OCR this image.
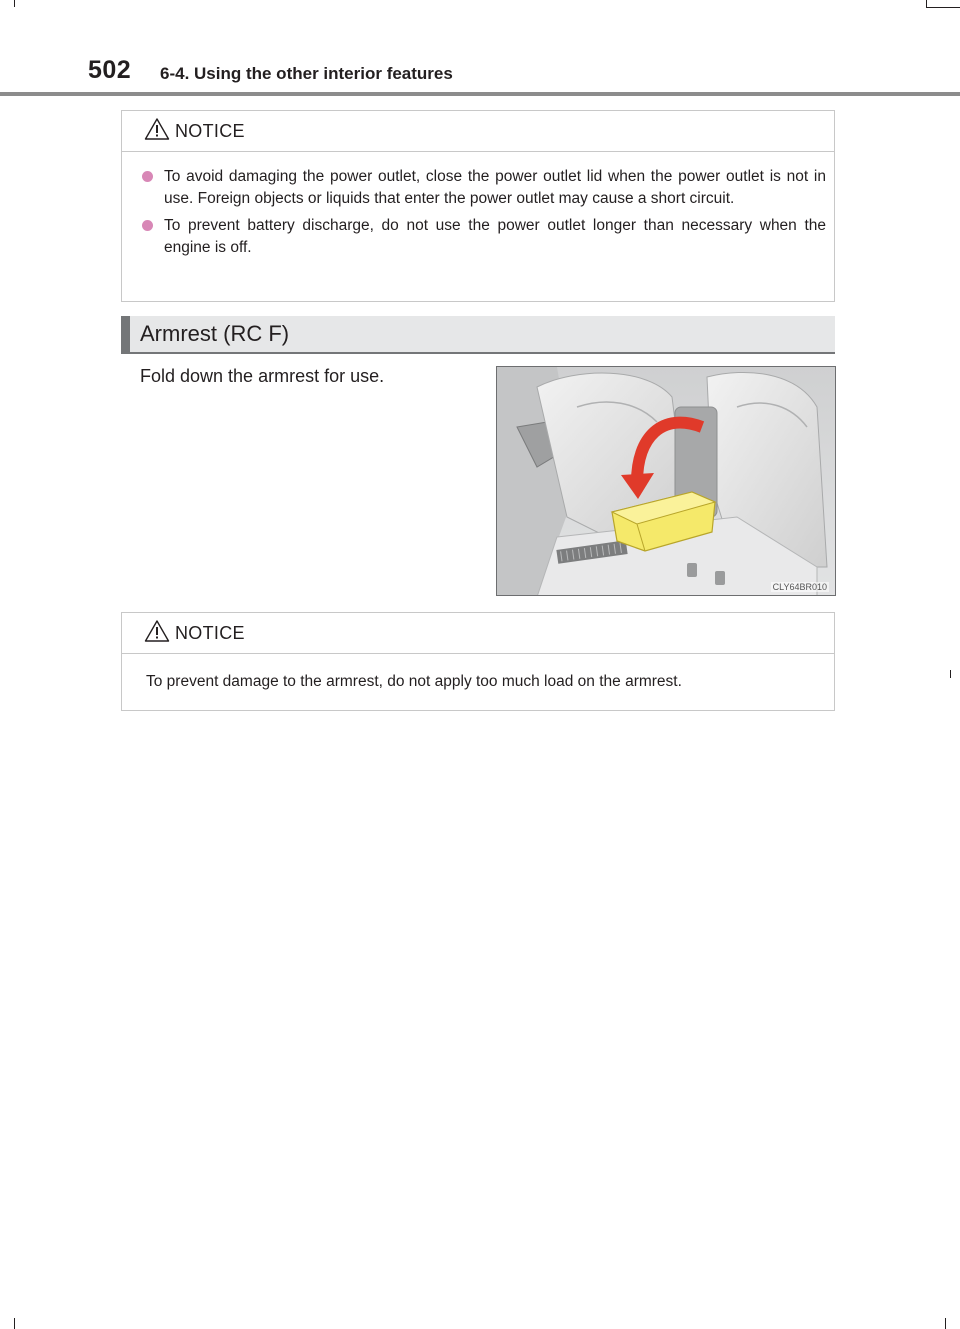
502 6-4. Using the other interior features
NOTICE
To avoid damaging the power outlet, close the power outlet lid when the power outlet is not in use. Foreign objects or liquids that enter the power outlet may cause a short circuit.
To prevent battery discharge, do not use the power outlet longer than necessary when the engine is off.
Armrest (RC F)
Fold down the armrest for use.
CLY64BR010
NOTICE
To prevent damage to the armrest, do not apply too much load on the armrest.
